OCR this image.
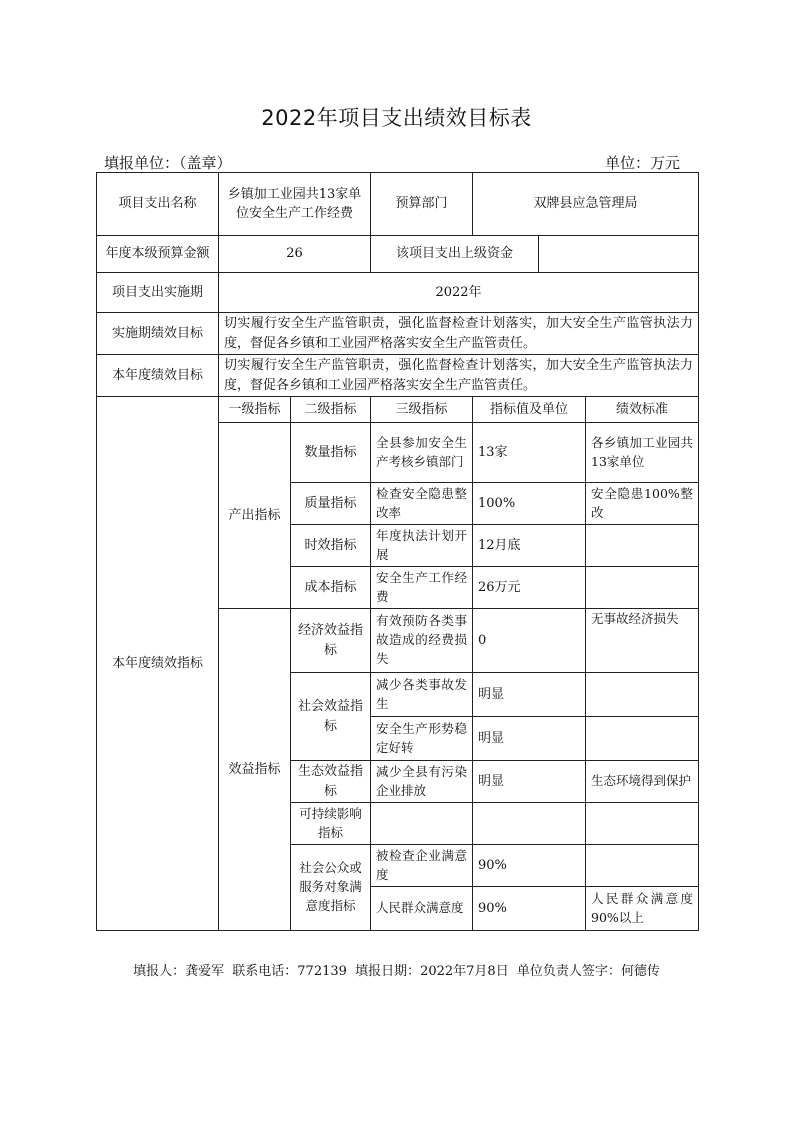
2022年项目支出绩效目标表
填报单位：（盖章）	单位：万元
项目支出名称	乡镇加工业园共13家单位安全生产工作经费		预算部门	双牌县应急管理局		
年度本级预算金额	26		该项目支出上级资金			
项目支出实施期	2022年					
实施期绩效目标	切实履行安全生产监管职责，强化监督检查计划落实，加大安全生产监管执法力度，督促各乡镇和工业园严格落实安全生产监管责任。					
本年度绩效目标	切实履行安全生产监管职责，强化监督检查计划落实，加大安全生产监管执法力度，督促各乡镇和工业园严格落实安全生产监管责任。					
本年度绩效指标	一级指标	二级指标	三级指标	指标值及单位		绩效标准
	产出指标	数量指标	全县参加安全生产考核乡镇部门	13家		各乡镇加工业园共13家单位
		质量指标	检查安全隐患整改率	100%		安全隐患100%整改
		时效指标	年度执法计划开展	12月底		
		成本指标	安全生产工作经费	26万元		
	效益指标	经济效益指标	有效预防各类事故造成的经费损失	0		无事故经济损失
		社会效益指标	减少各类事故发生	明显		
			安全生产形势稳定好转	明显		
		生态效益指标	减少全县有污染企业排放	明显		生态环境得到保护
		可持续影响指标				
		社会公众或服务对象满意度指标	被检查企业满意度	90%		
			人民群众满意度	90%		人民群众满意度90%以上
填报人：龚爱军 联系电话：772139 填报日期：2022年7月8日 单位负责人签字：何德传
